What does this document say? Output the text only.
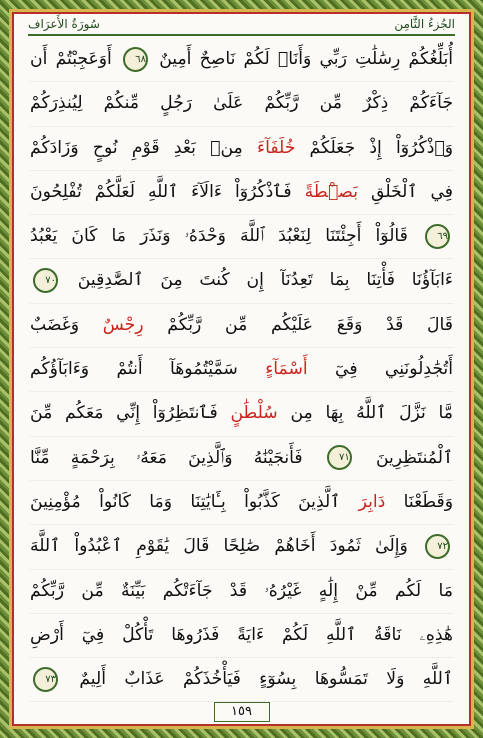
الجُزءُ الثَّامِن
سُورَةُ الأَعرَاف
أُبَلِّغُكُمْ رِسَٰلَٰتِ رَبِّي وَأَنَا۠ لَكُمْ نَاصِحٌ أَمِينٌ ٦٨ أَوَعَجِبْتُمْ أَن
جَآءَكُمْ ذِكْرٌ مِّن رَّبِّكُمْ عَلَىٰ رَجُلٍ مِّنكُمْ لِيُنذِرَكُمْ
وَٱذْكُرُوٓاْ إِذْ جَعَلَكُمْ خُلَفَآءَ مِنۢ بَعْدِ قَوْمِ نُوحٍ وَزَادَكُمْ
فِي ٱلْخَلْقِ بَصْۜطَةً فَٱذْكُرُوٓاْ ءَالَآءَ ٱللَّهِ لَعَلَّكُمْ تُفْلِحُونَ
٦٩ قَالُوٓاْ أَجِئْتَنَا لِنَعْبُدَ ٱللَّهَ وَحْدَهُۥ وَنَذَرَ مَا كَانَ يَعْبُدُ
ءَابَآؤُنَا فَأْتِنَا بِمَا تَعِدُنَآ إِن كُنتَ مِنَ ٱلصَّٰدِقِينَ ٧٠
قَالَ قَدْ وَقَعَ عَلَيْكُم مِّن رَّبِّكُمْ رِجْسٌ وَغَضَبٌ
أَتُجَٰدِلُونَنِي فِيٓ أَسْمَآءٍ سَمَّيْتُمُوهَآ أَنتُمْ وَءَابَآؤُكُم
مَّا نَزَّلَ ٱللَّهُ بِهَا مِن سُلْطَٰنٍ فَٱنتَظِرُوٓاْ إِنِّي مَعَكُم مِّنَ
ٱلْمُنتَظِرِينَ ٧١ فَأَنجَيْنَٰهُ وَٱلَّذِينَ مَعَهُۥ بِرَحْمَةٍ مِّنَّا
وَقَطَعْنَا دَابِرَ ٱلَّذِينَ كَذَّبُواْ بِـَٔايَٰتِنَا وَمَا كَانُواْ مُؤْمِنِينَ
٧٢ وَإِلَىٰ ثَمُودَ أَخَاهُمْ صَٰلِحًا قَالَ يَٰقَوْمِ ٱعْبُدُواْ ٱللَّهَ
مَا لَكُم مِّنْ إِلَٰهٍ غَيْرُهُۥ قَدْ جَآءَتْكُم بَيِّنَةٌ مِّن رَّبِّكُمْ
هَٰذِهِۦ نَاقَةُ ٱللَّهِ لَكُمْ ءَايَةً فَذَرُوهَا تَأْكُلْ فِيٓ أَرْضِ
ٱللَّهِ وَلَا تَمَسُّوهَا بِسُوٓءٍ فَيَأْخُذَكُمْ عَذَابٌ أَلِيمٌ ٧٣
١٥٩
